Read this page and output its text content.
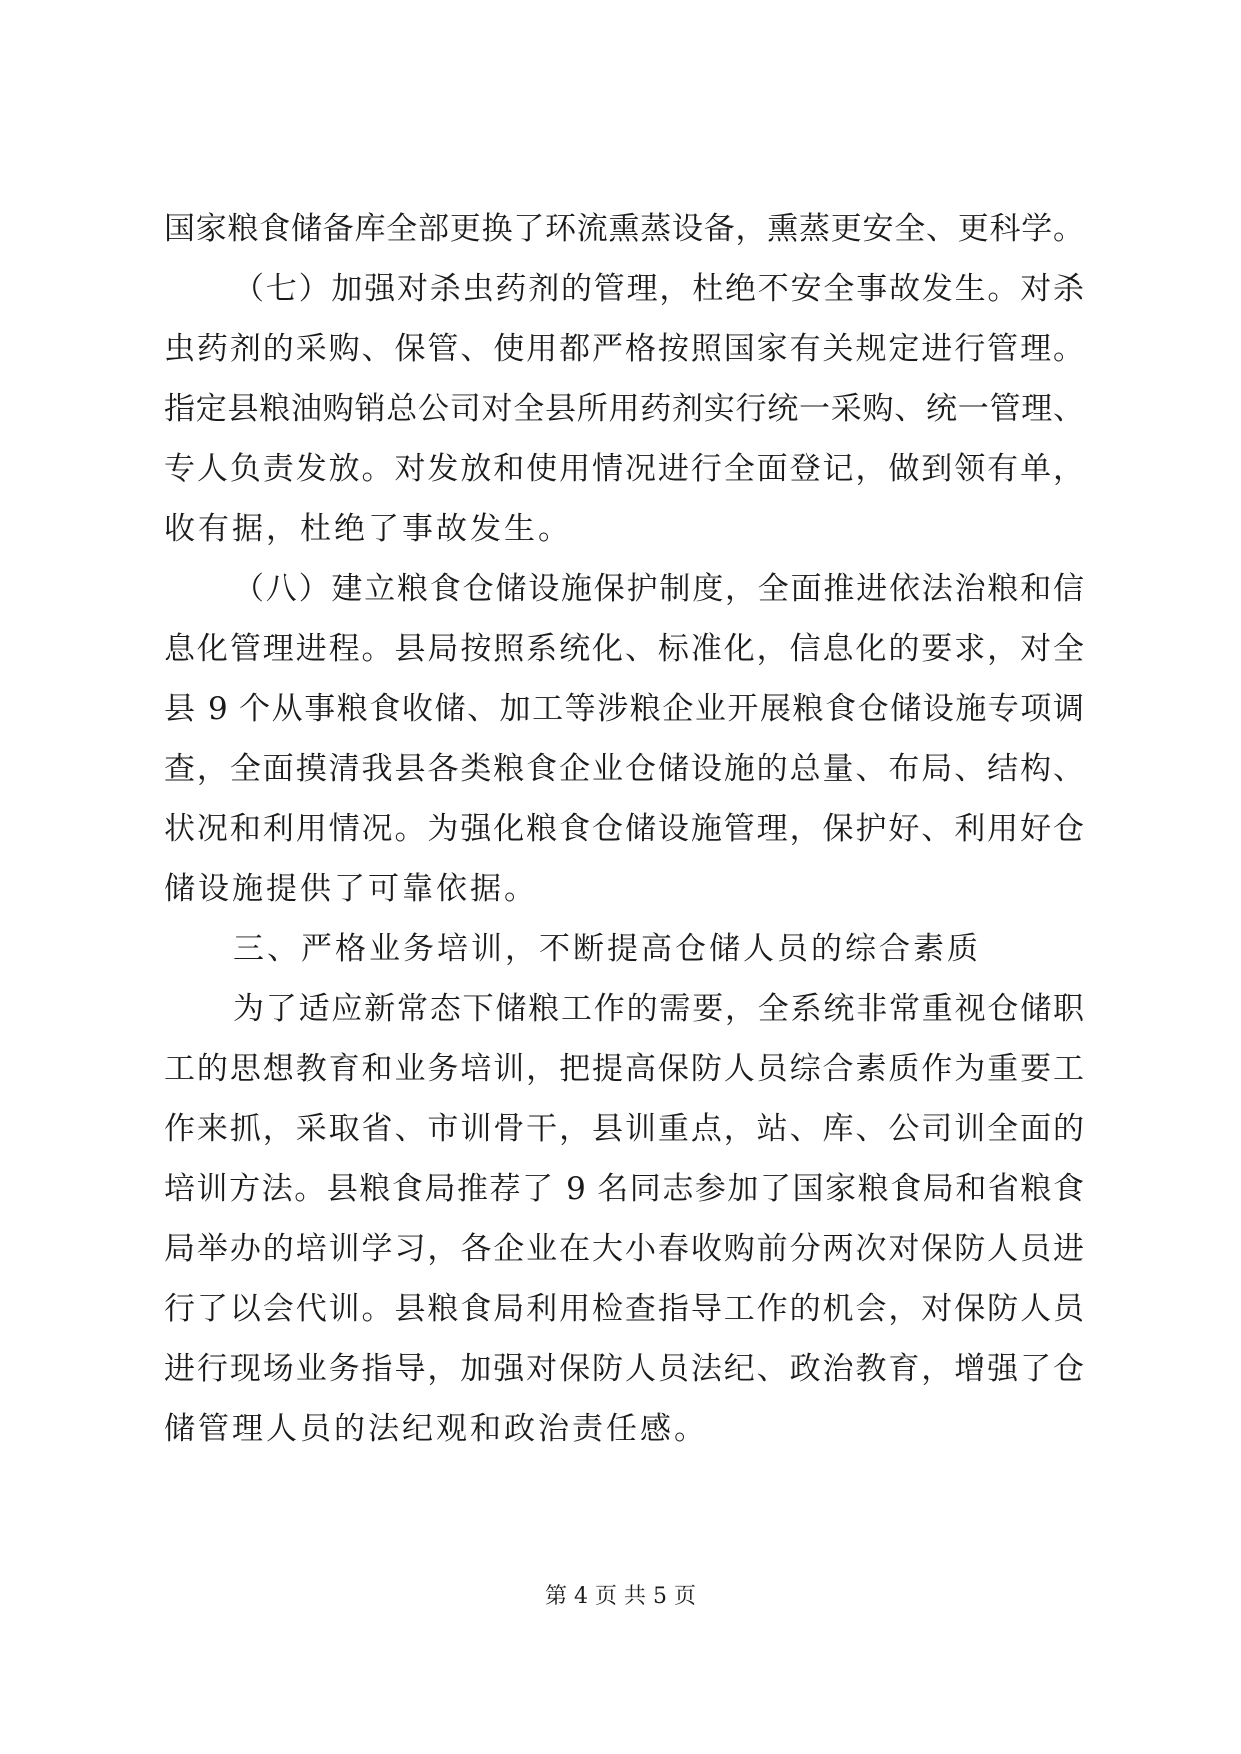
国家粮食储备库全部更换了环流熏蒸设备，熏蒸更安全、更科学。
（七）加强对杀虫药剂的管理，杜绝不安全事故发生。对杀
虫药剂的采购、保管、使用都严格按照国家有关规定进行管理。
指定县粮油购销总公司对全县所用药剂实行统一采购、统一管理、
专人负责发放。对发放和使用情况进行全面登记，做到领有单，
收有据，杜绝了事故发生。
（八）建立粮食仓储设施保护制度，全面推进依法治粮和信
息化管理进程。县局按照系统化、标准化，信息化的要求，对全
县 9 个从事粮食收储、加工等涉粮企业开展粮食仓储设施专项调
查，全面摸清我县各类粮食企业仓储设施的总量、布局、结构、
状况和利用情况。为强化粮食仓储设施管理，保护好、利用好仓
储设施提供了可靠依据。
三、严格业务培训，不断提高仓储人员的综合素质
为了适应新常态下储粮工作的需要，全系统非常重视仓储职
工的思想教育和业务培训，把提高保防人员综合素质作为重要工
作来抓，采取省、市训骨干，县训重点，站、库、公司训全面的
培训方法。县粮食局推荐了 9 名同志参加了国家粮食局和省粮食
局举办的培训学习，各企业在大小春收购前分两次对保防人员进
行了以会代训。县粮食局利用检查指导工作的机会，对保防人员
进行现场业务指导，加强对保防人员法纪、政治教育，增强了仓
储管理人员的法纪观和政治责任感。
第 4 页 共 5 页
